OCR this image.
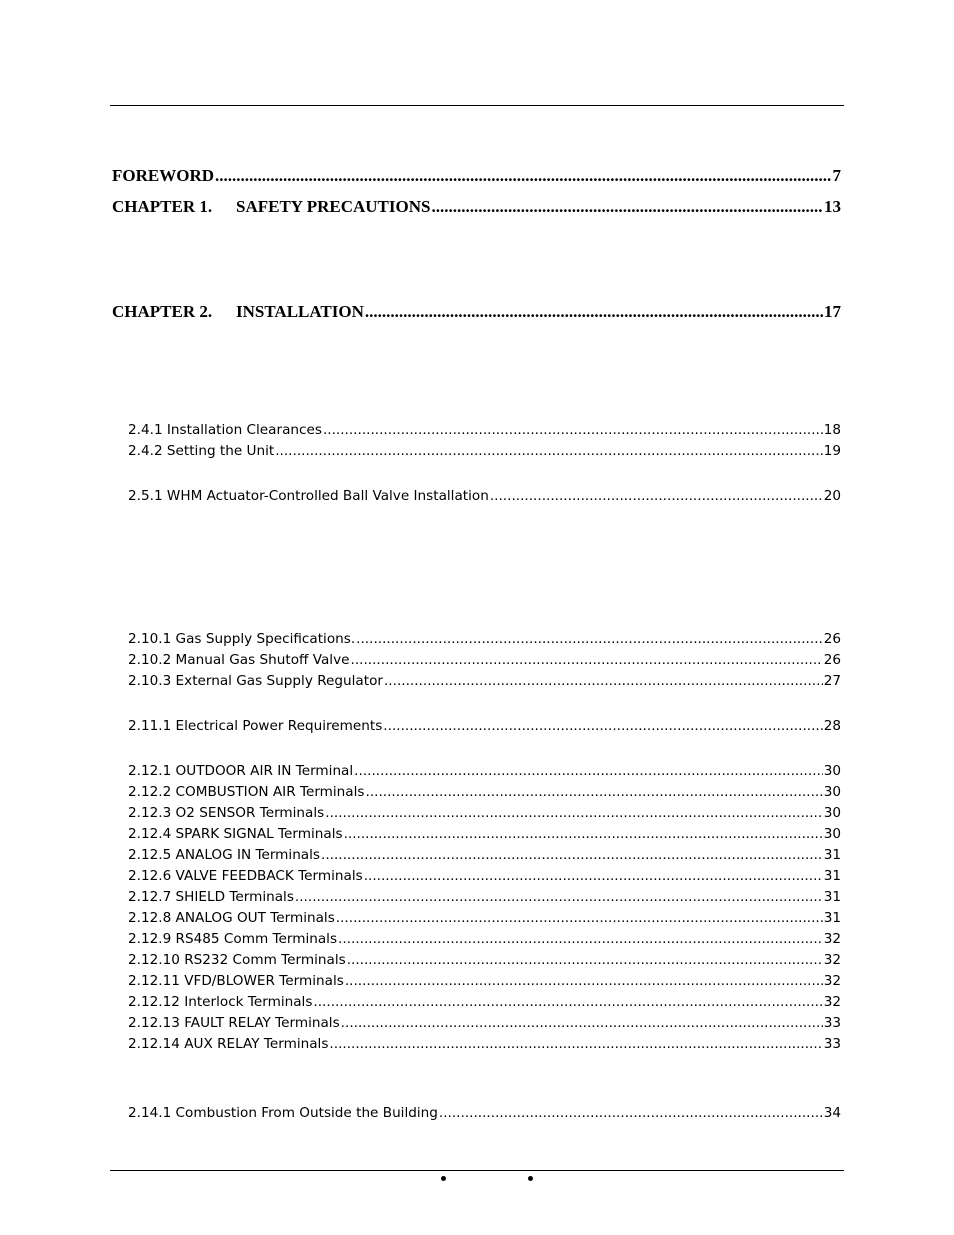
FOREWORD .....	7
CHAPTER 1. SAFETY PRECAUTIONS .....	13
CHAPTER 2. INSTALLATION .....	17
2.4.1 Installation Clearances .....	18
2.4.2 Setting the Unit .....	19
2.5.1 WHM Actuator-Controlled Ball Valve Installation .....	20
2.10.1 Gas Supply Specifications. .....	26
2.10.2 Manual Gas Shutoff Valve .....	26
2.10.3 External Gas Supply Regulator .....	27
2.11.1 Electrical Power Requirements .....	28
2.12.1 OUTDOOR AIR IN Terminal .....	30
2.12.2 COMBUSTION AIR Terminals .....	30
2.12.3 O2 SENSOR Terminals .....	30
2.12.4 SPARK SIGNAL Terminals .....	30
2.12.5 ANALOG IN Terminals .....	31
2.12.6 VALVE FEEDBACK Terminals .....	31
2.12.7 SHIELD Terminals .....	31
2.12.8 ANALOG OUT Terminals .....	31
2.12.9 RS485 Comm Terminals .....	32
2.12.10 RS232 Comm Terminals .....	32
2.12.11 VFD/BLOWER Terminals .....	32
2.12.12 Interlock Terminals .....	32
2.12.13 FAULT RELAY Terminals .....	33
2.12.14 AUX RELAY Terminals .....	33
2.14.1 Combustion From Outside the Building .....	34
